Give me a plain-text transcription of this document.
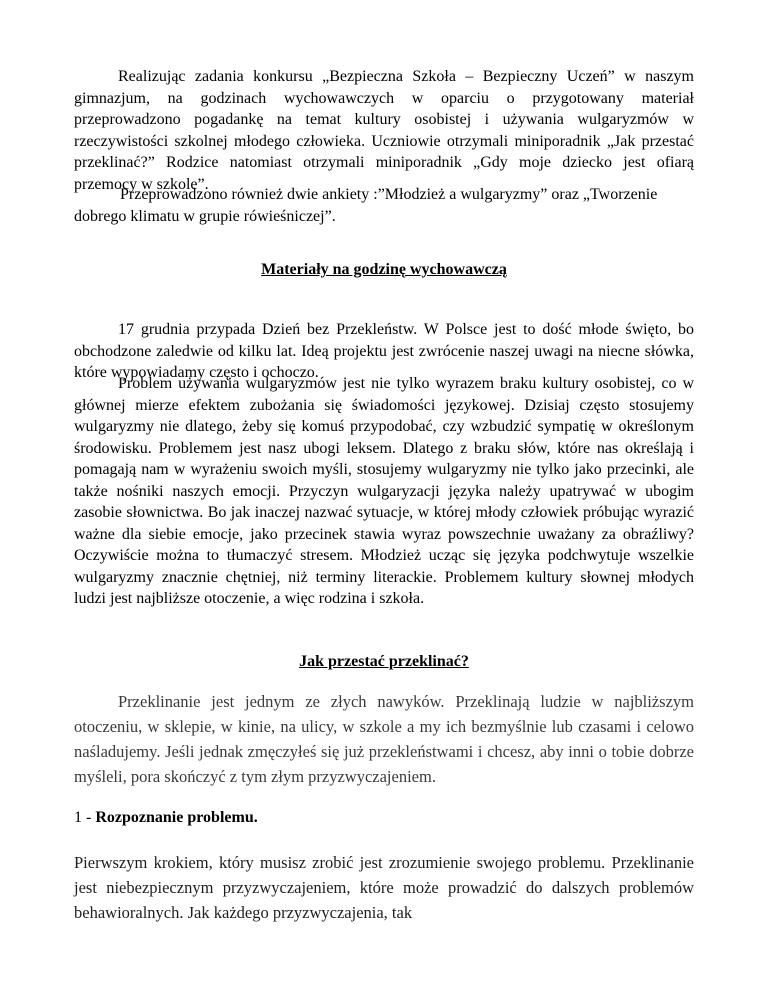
Realizując zadania konkursu „Bezpieczna Szkoła – Bezpieczny Uczeń” w naszym gimnazjum, na godzinach wychowawczych w oparciu o przygotowany materiał przeprowadzono pogadankę na temat kultury osobistej i używania wulgaryzmów w rzeczywistości szkolnej młodego człowieka. Uczniowie otrzymali miniporadnik „Jak przestać przeklinać?” Rodzice natomiast otrzymali miniporadnik „Gdy moje dziecko jest ofiarą przemocy w szkole”.

Przeprowadzono również dwie ankiety :”Młodzież a wulgaryzmy” oraz „Tworzenie dobrego klimatu w grupie rówieśniczej”.

Materiały na godzinę wychowawczą

17 grudnia przypada Dzień bez Przekleństw. W Polsce jest to dość młode święto, bo obchodzone zaledwie od kilku lat. Ideą projektu jest zwrócenie naszej uwagi na niecne słówka, które wypowiadamy często i ochoczo.

Problem używania wulgaryzmów jest nie tylko wyrazem braku kultury osobistej, co w głównej mierze efektem zubożania się świadomości językowej. Dzisiaj często stosujemy wulgaryzmy nie dlatego, żeby się komuś przypodobać, czy wzbudzić sympatię w określonym środowisku. Problemem jest nasz ubogi leksem. Dlatego z braku słów, które nas określają i pomagają nam w wyrażeniu swoich myśli, stosujemy wulgaryzmy nie tylko jako przecinki, ale także nośniki naszych emocji. Przyczyn wulgaryzacji języka należy upatrywać w ubogim zasobie słownictwa. Bo jak inaczej nazwać sytuacje, w której młody człowiek próbując wyrazić ważne dla siebie emocje, jako przecinek stawia wyraz powszechnie uważany za obraźliwy? Oczywiście można to tłumaczyć stresem. Młodzież ucząc się języka podchwytuje wszelkie wulgaryzmy znacznie chętniej, niż terminy literackie. Problemem kultury słownej młodych ludzi jest najbliższe otoczenie, a więc rodzina i szkoła.

Jak przestać przeklinać?

Przeklinanie jest jednym ze złych nawyków. Przeklinają ludzie w najbliższym otoczeniu, w sklepie, w kinie, na ulicy, w szkole a my ich bezmyślnie lub czasami i celowo naśladujemy. Jeśli jednak zmęczyłeś się już przekleństwami i chcesz, aby inni o tobie dobrze myśleli, pora skończyć z tym złym przyzwyczajeniem.

1 - Rozpoznanie problemu.

Pierwszym krokiem, który musisz zrobić jest zrozumienie swojego problemu. Przeklinanie jest niebezpiecznym przyzwyczajeniem, które może prowadzić do dalszych problemów behawioralnych. Jak każdego przyzwyczajenia, tak
